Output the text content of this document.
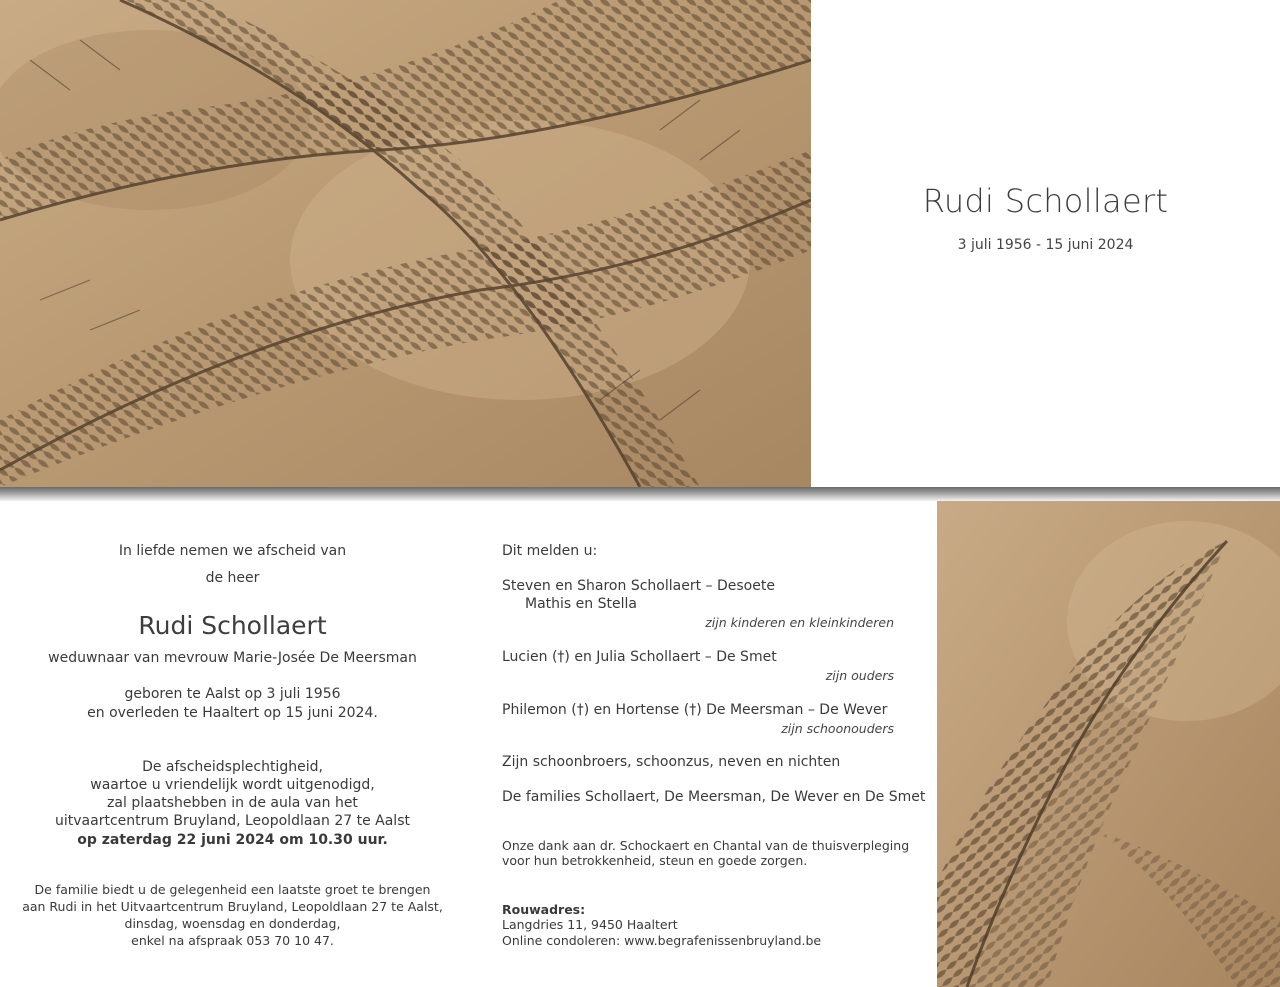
Rudi Schollaert
3 juli 1956 - 15 juni 2024
In liefde nemen we afscheid van
de heer
Rudi Schollaert
weduwnaar van mevrouw Marie-Josée De Meersman
geboren te Aalst op 3 juli 1956
en overleden te Haaltert op 15 juni 2024.
De afscheidsplechtigheid,
waartoe u vriendelijk wordt uitgenodigd,
zal plaatshebben in de aula van het
uitvaartcentrum Bruyland, Leopoldlaan 27 te Aalst
op zaterdag 22 juni 2024 om 10.30 uur.
De familie biedt u de gelegenheid een laatste groet te brengen
aan Rudi in het Uitvaartcentrum Bruyland, Leopoldlaan 27 te Aalst,
dinsdag, woensdag en donderdag,
enkel na afspraak 053 70 10 47.
Dit melden u:
Steven en Sharon Schollaert – Desoete
Mathis en Stella
zijn kinderen en kleinkinderen
Lucien (†) en Julia Schollaert – De Smet
zijn ouders
Philemon (†) en Hortense (†) De Meersman – De Wever
zijn schoonouders
Zijn schoonbroers, schoonzus, neven en nichten
De families Schollaert, De Meersman, De Wever en De Smet
Onze dank aan dr. Schockaert en Chantal van de thuisverpleging
voor hun betrokkenheid, steun en goede zorgen.
Rouwadres:
Langdries 11, 9450 Haaltert
Online condoleren: www.begrafenissenbruyland.be
